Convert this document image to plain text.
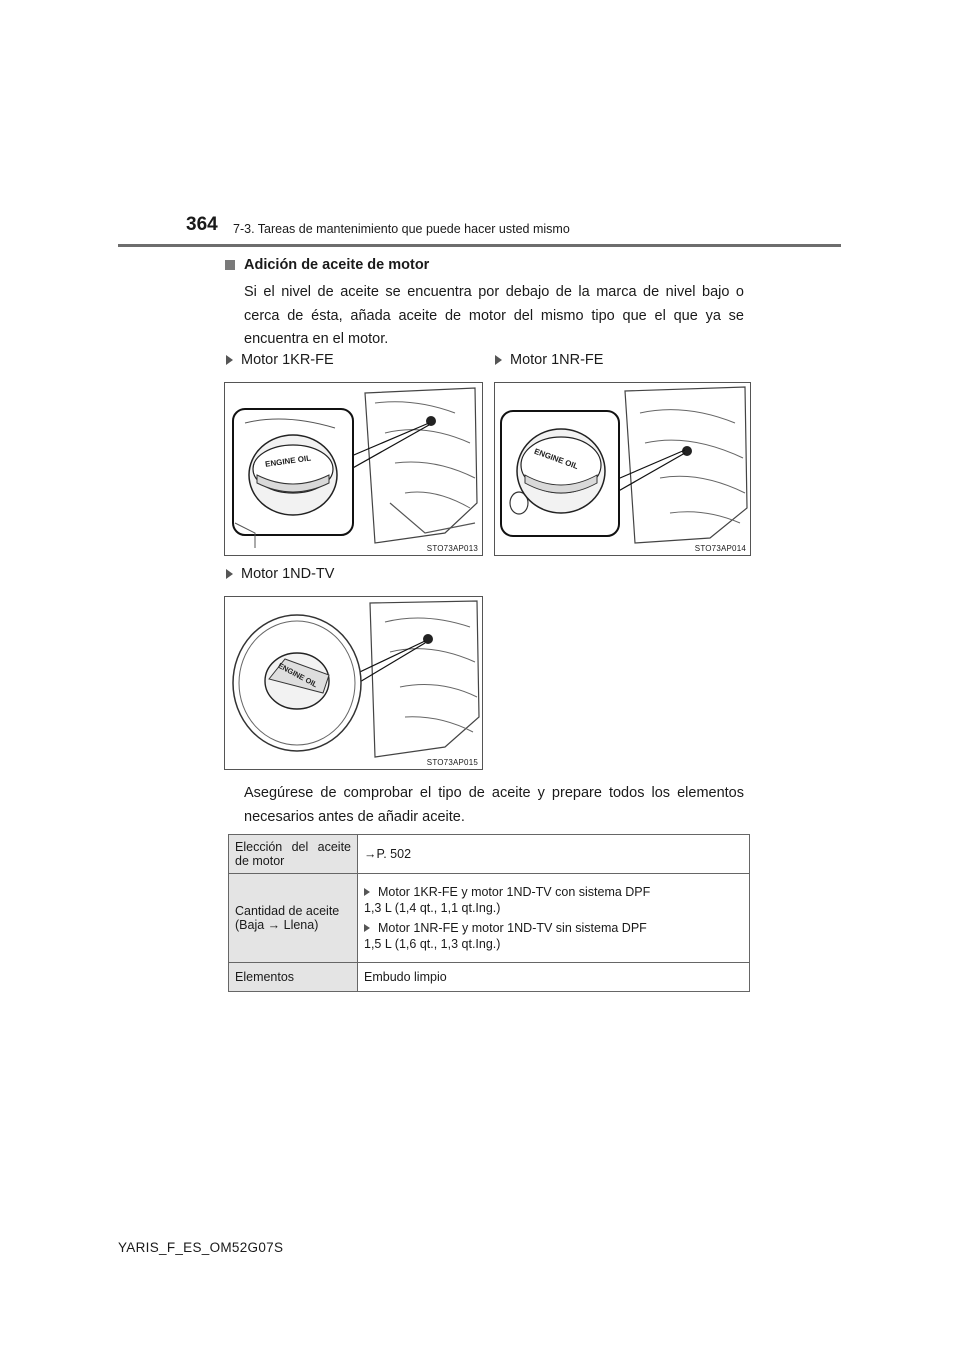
364 7-3. Tareas de mantenimiento que puede hacer usted mismo
Adición de aceite de motor
Si el nivel de aceite se encuentra por debajo de la marca de nivel bajo o cerca de ésta, añada aceite de motor del mismo tipo que el que ya se encuentra en el motor.
Motor 1KR-FE	Motor 1NR-FE
ENGINE OIL
STO73AP013
ENGINE OIL
STO73AP014
Motor 1ND-TV
ENGINE OIL
STO73AP015
Asegúrese de comprobar el tipo de aceite y prepare todos los elementos necesarios antes de añadir aceite.
Elección del aceite de motor	→P. 502
Cantidad de aceite (Baja → Llena)	Motor 1KR-FE y motor 1ND-TV con sistema DPF
1,3 L (1,4 qt., 1,1 qt.Ing.)
Motor 1NR-FE y motor 1ND-TV sin sistema DPF
1,5 L (1,6 qt., 1,3 qt.Ing.)

Elementos	Embudo limpio
YARIS_F_ES_OM52G07S
